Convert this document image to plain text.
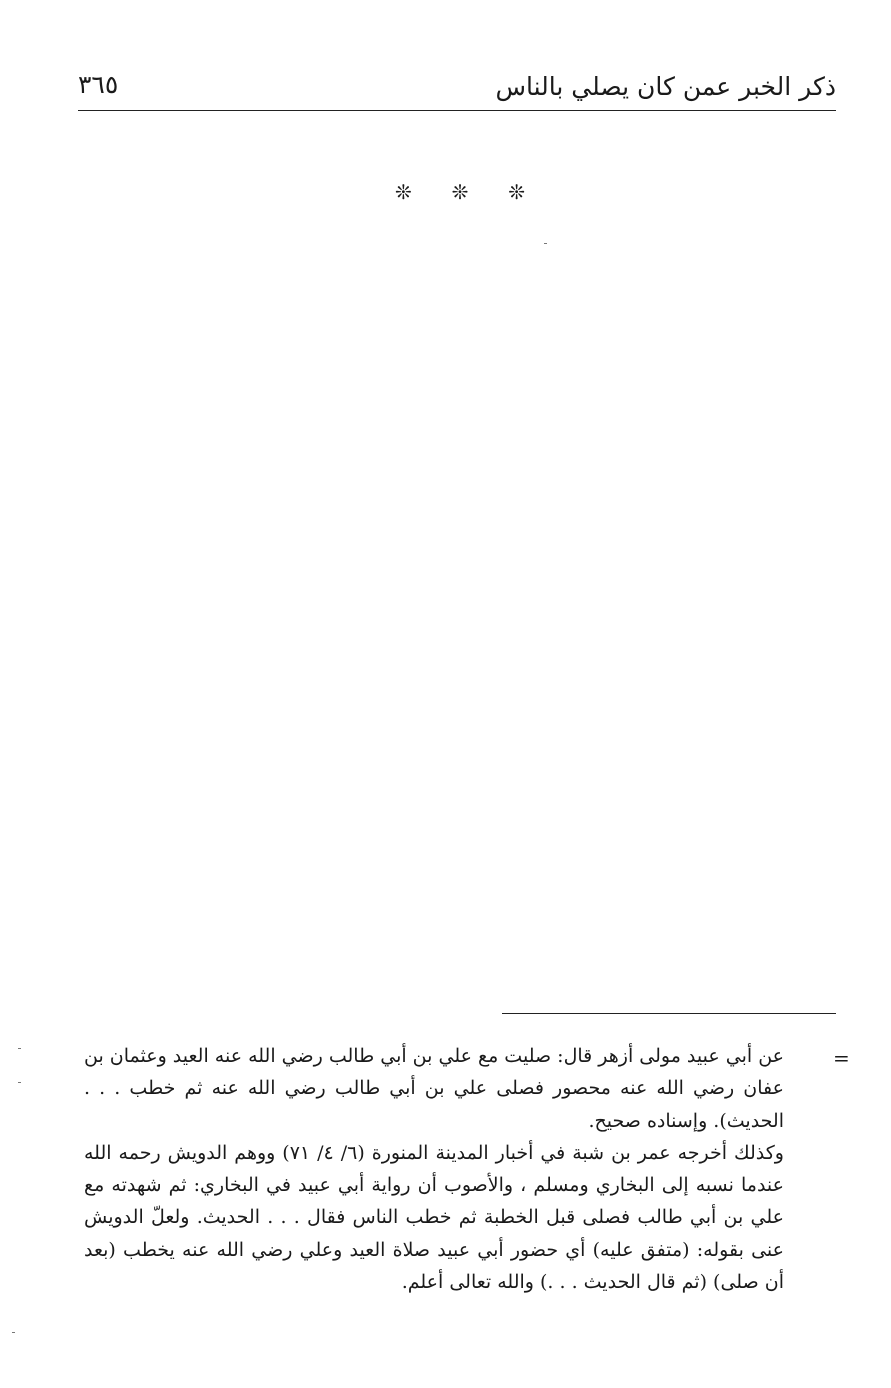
ذكر الخبر عمن كان يصلي بالناس
٣٦٥
❊ ❊ ❊
=

عن أبي عبيد مولى أزهر قال: صليت مع علي بن أبي طالب رضي الله عنه العيد وعثمان بن عفان رضي الله عنه محصور فصلى علي بن أبي طالب رضي الله عنه ثم خطب . . . الحديث). وإسناده صحيح.

وكذلك أخرجه عمر بن شبة في أخبار المدينة المنورة (٦/ ٤/ ٧١) ووهم الدويش رحمه الله عندما نسبه إلى البخاري ومسلم ، والأصوب أن رواية أبي عبيد في البخاري: ثم شهدته مع علي بن أبي طالب فصلى قبل الخطبة ثم خطب الناس فقال . . . الحديث. ولعلّ الدويش عنى بقوله: (متفق عليه) أي حضور أبي عبيد صلاة العيد وعلي رضي الله عنه يخطب (بعد أن صلى) (ثم قال الحديث . . .) والله تعالى أعلم.
